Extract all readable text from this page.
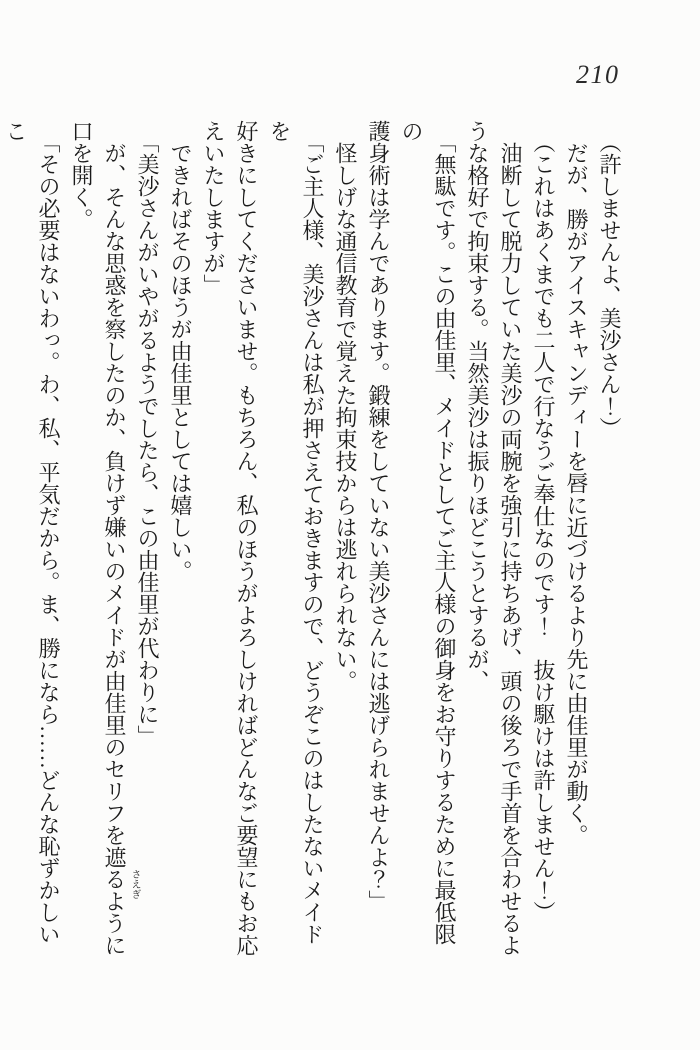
210
（許しませんよ、美沙さん！）
だが、勝がアイスキャンディーを唇に近づけるより先に由佳里が動く。
（これはあくまでも二人で行なうご奉仕なのです！　抜け駆けは許しません！）
油断して脱力していた美沙の両腕を強引に持ちあげ、頭の後ろで手首を合わせるよ
うな格好で拘束する。当然美沙は振りほどこうとするが、
「無駄です。この由佳里、メイドとしてご主人様の御身をお守りするために最低限の
護身術は学んであります。鍛練をしていない美沙さんには逃げられませんよ？」
怪しげな通信教育で覚えた拘束技からは逃れられない。
「ご主人様、美沙さんは私が押さえておきますので、どうぞこのはしたないメイドを
好きにしてくださいませ。もちろん、私のほうがよろしければどんなご要望にもお応
えいたしますが」
できればそのほうが由佳里としては嬉しい。
「美沙さんがいやがるようでしたら、この由佳里が代わりに」
が、そんな思惑を察したのか、負けず嫌いのメイドが由佳里のセリフを遮
さえぎ
るように
口を開く。
「その必要はないわっ。わ、私、平気だから。ま、勝になら……どんな恥ずかしいこ
